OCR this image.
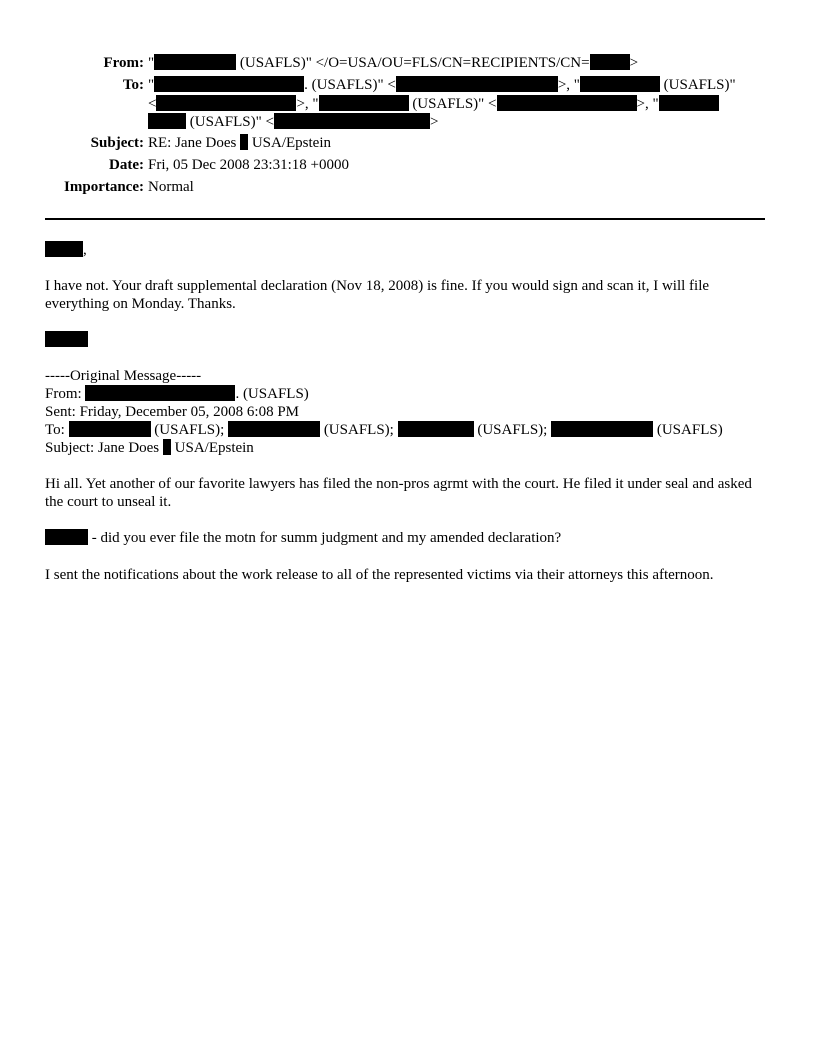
From: "	(USAFLS)" </O=USA/OU=FLS/CN=RECIPIENTS/CN=	>
To: "	. (USAFLS)" <	>, "	(USAFLS)"
<	>, "	(USAFLS)" <	>, "
(USAFLS)" <	>
Subject: RE: Jane Does  USA/Epstein
Date: Fri, 05 Dec 2008 23:31:18 +0000
Importance: Normal
,
I have not. Your draft supplemental declaration (Nov 18, 2008) is fine. If you would sign and scan it, I will file everything on Monday. Thanks.
-----Original Message-----
From:	. (USAFLS)
Sent: Friday, December 05, 2008 6:08 PM
To:	(USAFLS);	(USAFLS);	(USAFLS);	(USAFLS)
Subject: Jane Does  USA/Epstein
Hi all. Yet another of our favorite lawyers has filed the non-pros agrmt with the court. He filed it under seal and asked the court to unseal it.
- did you ever file the motn for summ judgment and my amended declaration?
I sent the notifications about the work release to all of the represented victims via their attorneys this afternoon.
